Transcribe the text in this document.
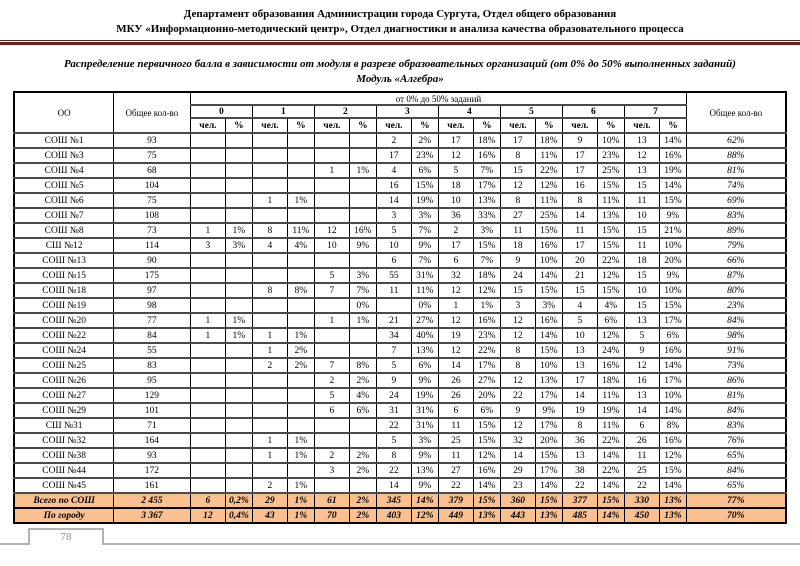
Департамент образования Администрации города Сургута, Отдел общего образования
МКУ «Информационно-методический центр», Отдел диагностики и анализа качества образовательного процесса
Распределение первичного балла в зависимости от модуля в разрезе образовательных организаций (от 0% до 50% выполненных заданий)
Модуль «Алгебра»
ОО	Общее кол-во	от 0% до 50% заданий																Общее кол-во
		0		1		2		3		4		5		6		7		
		чел.	%	чел.	%	чел.	%	чел.	%	чел.	%	чел.	%	чел.	%	чел.	%	
СОШ №1	93							2	2%	17	18%	17	18%	9	10%	13	14%	62%
СОШ №3	75							17	23%	12	16%	8	11%	17	23%	12	16%	88%
СОШ №4	68					1	1%	4	6%	5	7%	15	22%	17	25%	13	19%	81%
СОШ №5	104							16	15%	18	17%	12	12%	16	15%	15	14%	74%
СОШ №6	75			1	1%			14	19%	10	13%	8	11%	8	11%	11	15%	69%
СОШ №7	108							3	3%	36	33%	27	25%	14	13%	10	9%	83%
СОШ №8	73	1	1%	8	11%	12	16%	5	7%	2	3%	11	15%	11	15%	15	21%	89%
СШ №12	114	3	3%	4	4%	10	9%	10	9%	17	15%	18	16%	17	15%	11	10%	79%
СОШ №13	90							6	7%	6	7%	9	10%	20	22%	18	20%	66%
СОШ №15	175					5	3%	55	31%	32	18%	24	14%	21	12%	15	9%	87%
СОШ №18	97			8	8%	7	7%	11	11%	12	12%	15	15%	15	15%	10	10%	80%
СОШ №19	98						0%		0%	1	1%	3	3%	4	4%	15	15%	23%
СОШ №20	77	1	1%			1	1%	21	27%	12	16%	12	16%	5	6%	13	17%	84%
СОШ №22	84	1	1%	1	1%			34	40%	19	23%	12	14%	10	12%	5	6%	98%
СОШ №24	55			1	2%			7	13%	12	22%	8	15%	13	24%	9	16%	91%
СОШ №25	83			2	2%	7	8%	5	6%	14	17%	8	10%	13	16%	12	14%	73%
СОШ №26	95					2	2%	9	9%	26	27%	12	13%	17	18%	16	17%	86%
СОШ №27	129					5	4%	24	19%	26	20%	22	17%	14	11%	13	10%	81%
СОШ №29	101					6	6%	31	31%	6	6%	9	9%	19	19%	14	14%	84%
СШ №31	71							22	31%	11	15%	12	17%	8	11%	6	8%	83%
СОШ №32	164			1	1%			5	3%	25	15%	32	20%	36	22%	26	16%	76%
СОШ №38	93			1	1%	2	2%	8	9%	11	12%	14	15%	13	14%	11	12%	65%
СОШ №44	172					3	2%	22	13%	27	16%	29	17%	38	22%	25	15%	84%
СОШ №45	161			2	1%			14	9%	22	14%	23	14%	22	14%	22	14%	65%
Всего по СОШ	2 455	6	0,2%	29	1%	61	2%	345	14%	379	15%	360	15%	377	15%	330	13%	77%
По городу	3 367	12	0,4%	43	1%	70	2%	403	12%	449	13%	443	13%	485	14%	450	13%	70%
78
